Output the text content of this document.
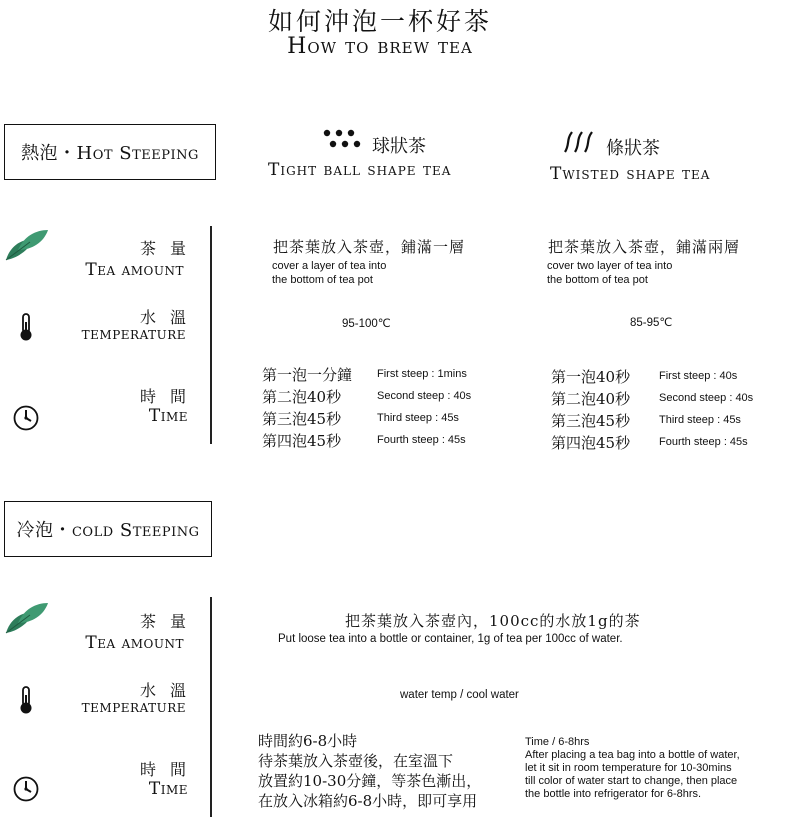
如何沖泡一杯好茶
How to brew tea
熱泡・Hot Steeping	球狀茶
Tight ball shape tea
條狀茶
Twisted shape tea
茶量
Tea amount
水溫
temperature
時間
Time
把茶葉放入茶壺，鋪滿一層
cover a layer of tea into
the bottom of tea pot
95-100℃
第一泡一分鐘
第二泡40秒
第三泡45秒
第四泡45秒
First steep : 1mins
Second steep : 40s
Third steep : 45s
Fourth steep : 45s
把茶葉放入茶壺，鋪滿兩層
cover two layer of tea into
the bottom of tea pot
85-95℃
第一泡40秒
第二泡40秒
第三泡45秒
第四泡45秒
First steep : 40s
Second steep : 40s
Third steep : 45s
Fourth steep : 45s
冷泡・cold Steeping
茶量
Tea amount
水溫
temperature
時間
Time
把茶葉放入茶壺內，100cc的水放1g的茶
Put loose tea into a bottle or container, 1g of tea per 100cc of water.
water temp / cool water
時間約6-8小時
待茶葉放入茶壺後，在室溫下
放置約10-30分鐘，等茶色漸出，
在放入冰箱約6-8小時，即可享用
Time / 6-8hrs
After placing a tea bag into a bottle of water,
let it sit in room temperature for 10-30mins
till color of water start to change, then place
the bottle into refrigerator for 6-8hrs.
